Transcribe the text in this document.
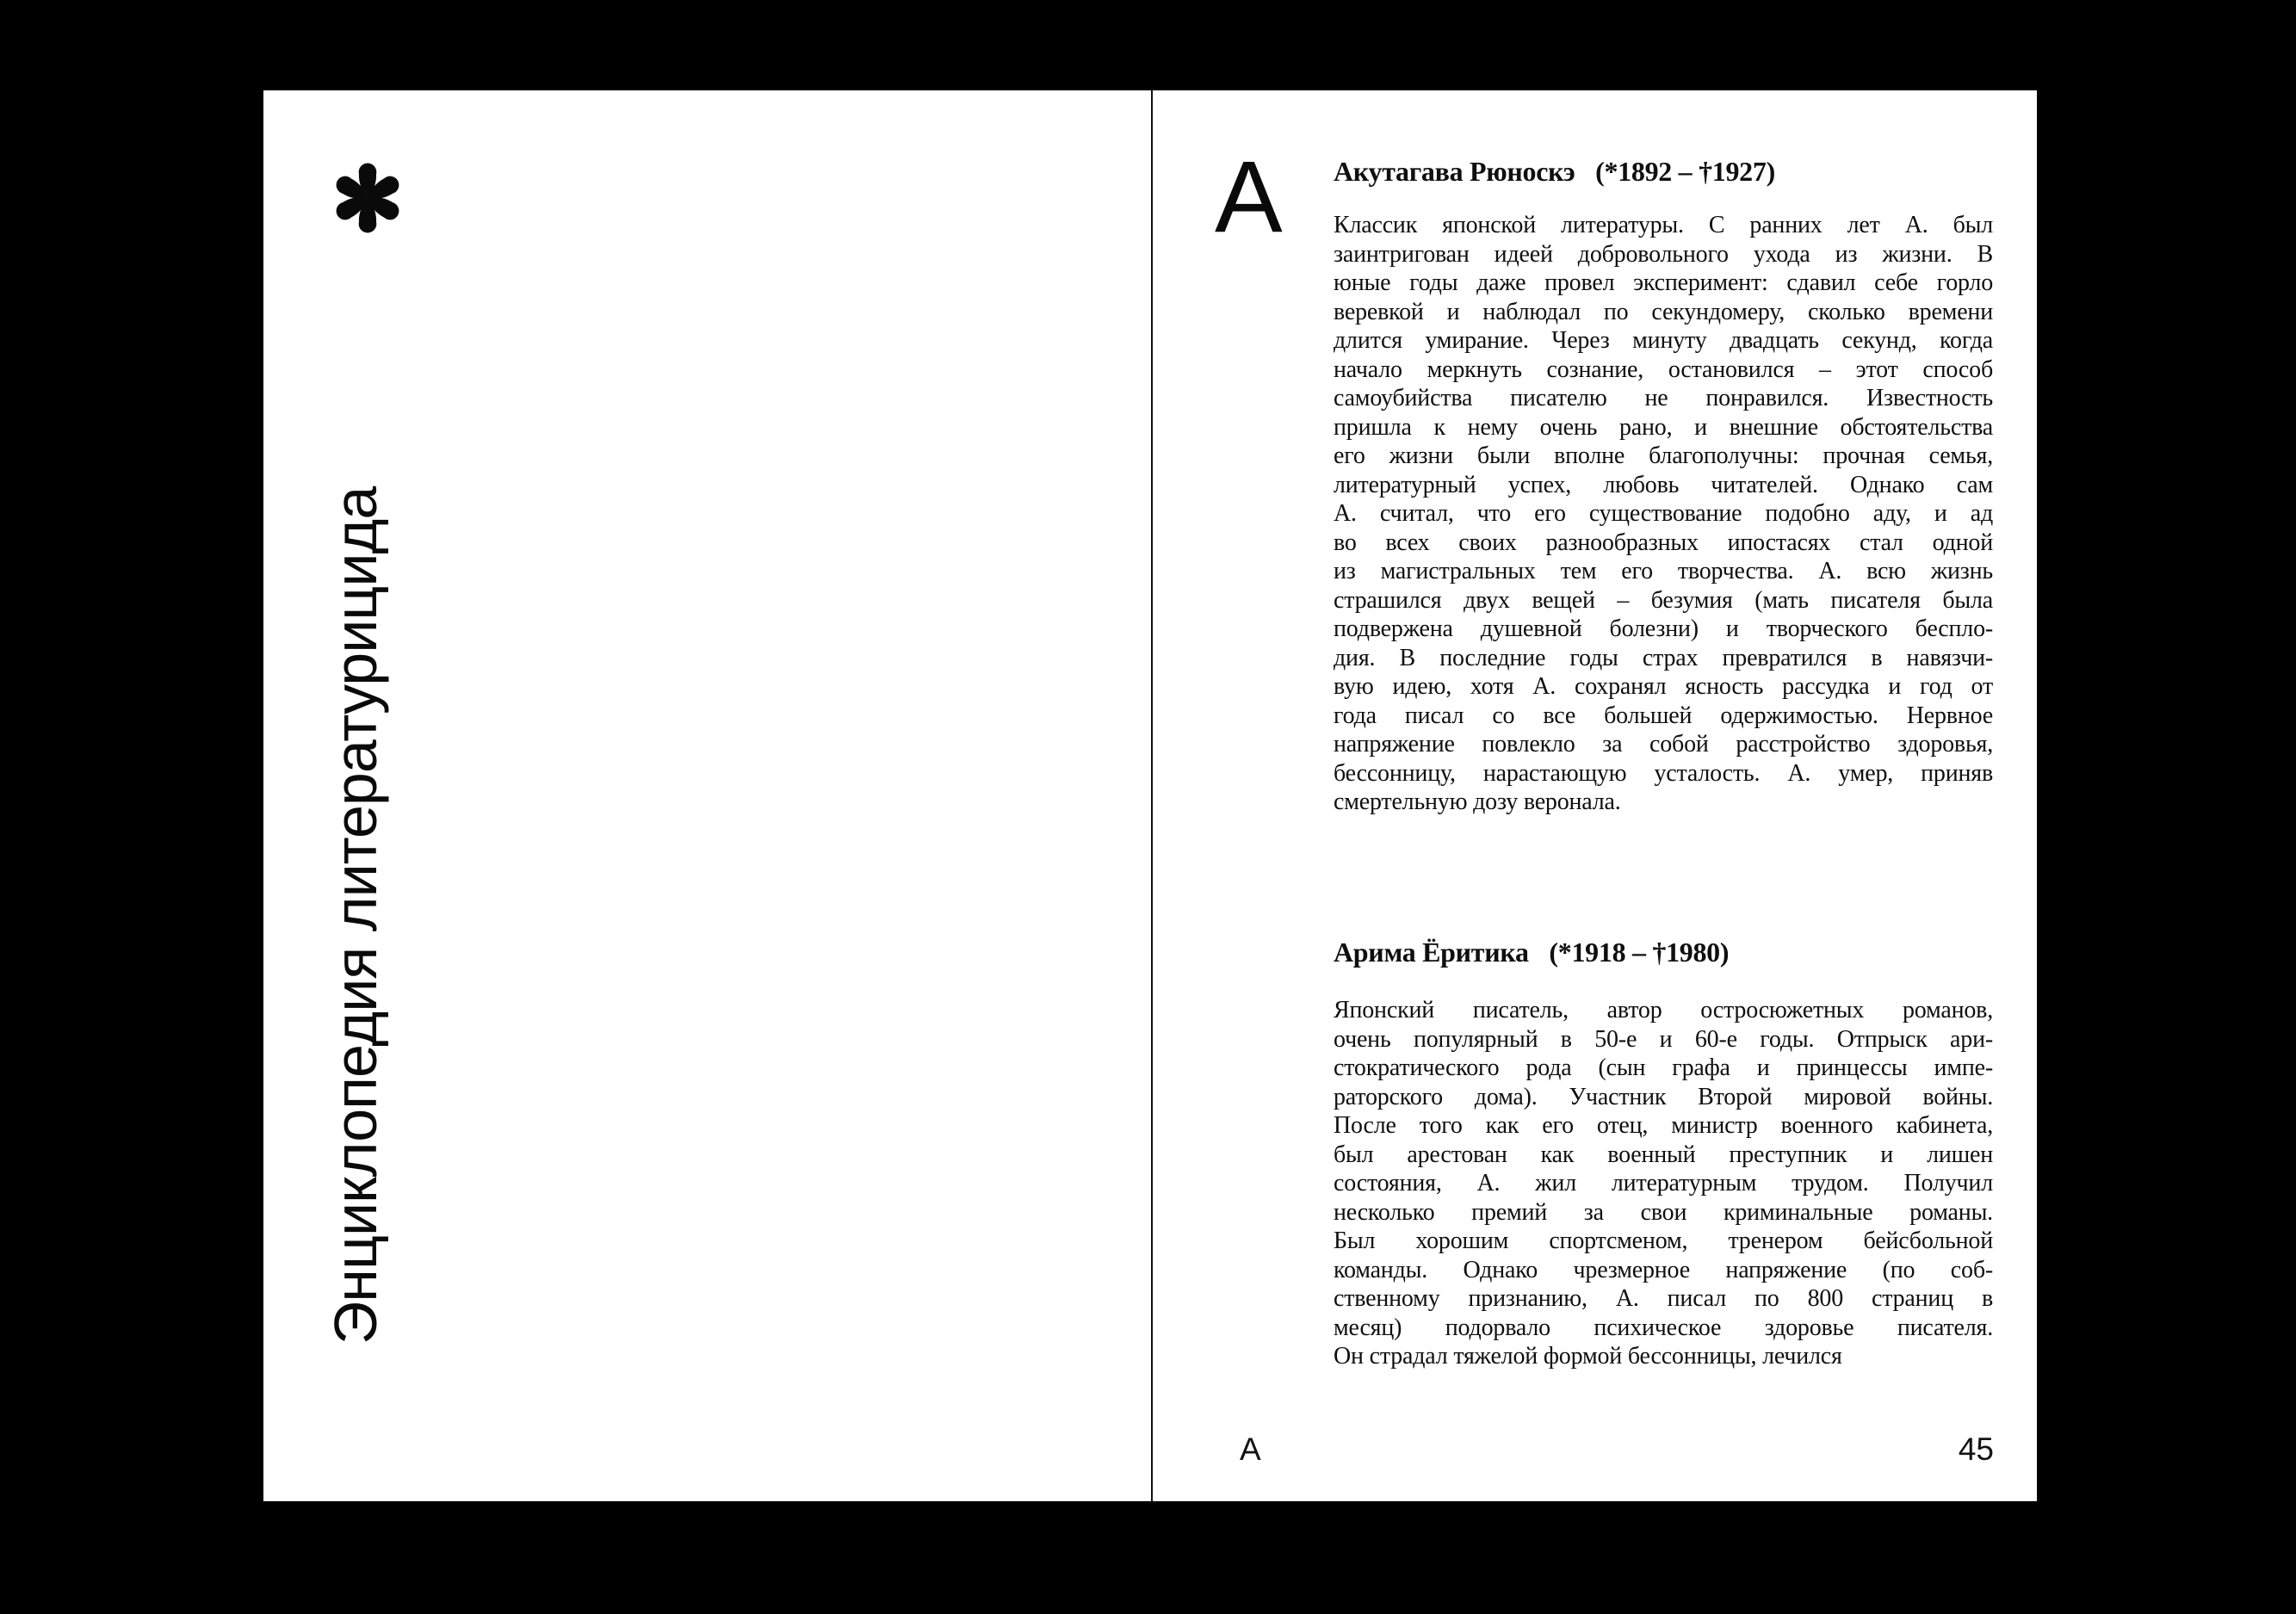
Энциклопедия литературицида
А Акутагава Рюноскэ (*1892 – †1927)
Классик японской литературы. С ранних лет А. был
заинтригован идеей добровольного ухода из жизни. В
юные годы даже провел эксперимент: сдавил себе горло
веревкой и наблюдал по секундомеру, сколько времени
длится умирание. Через минуту двадцать секунд, когда
начало меркнуть сознание, остановился – этот способ
самоубийства писателю не понравился. Известность
пришла к нему очень рано, и внешние обстоятельства
его жизни были вполне благополучны: прочная семья,
литературный успех, любовь читателей. Однако сам
А. считал, что его существование подобно аду, и ад
во всех своих разнообразных ипостасях стал одной
из магистральных тем его творчества. А. всю жизнь
страшился двух вещей – безумия (мать писателя была
подвержена душевной болезни) и творческого беспло-
дия. В последние годы страх превратился в навязчи-
вую идею, хотя А. сохранял ясность рассудка и год от
года писал со все большей одержимостью. Нервное
напряжение повлекло за собой расстройство здоровья,
бессонницу, нарастающую усталость. А. умер, приняв
смертельную дозу веронала.
Арима Ёритика (*1918 – †1980)
Японский писатель, автор остросюжетных романов,
очень популярный в 50-е и 60-е годы. Отпрыск ари-
стократического рода (сын графа и принцессы импе-
раторского дома). Участник Второй мировой войны.
После того как его отец, министр военного кабинета,
был арестован как военный преступник и лишен
состояния, А. жил литературным трудом. Получил
несколько премий за свои криминальные романы.
Был хорошим спортсменом, тренером бейсбольной
команды. Однако чрезмерное напряжение (по соб-
ственному признанию, А. писал по 800 страниц в
месяц) подорвало психическое здоровье писателя.
Он страдал тяжелой формой бессонницы, лечился
А	45
